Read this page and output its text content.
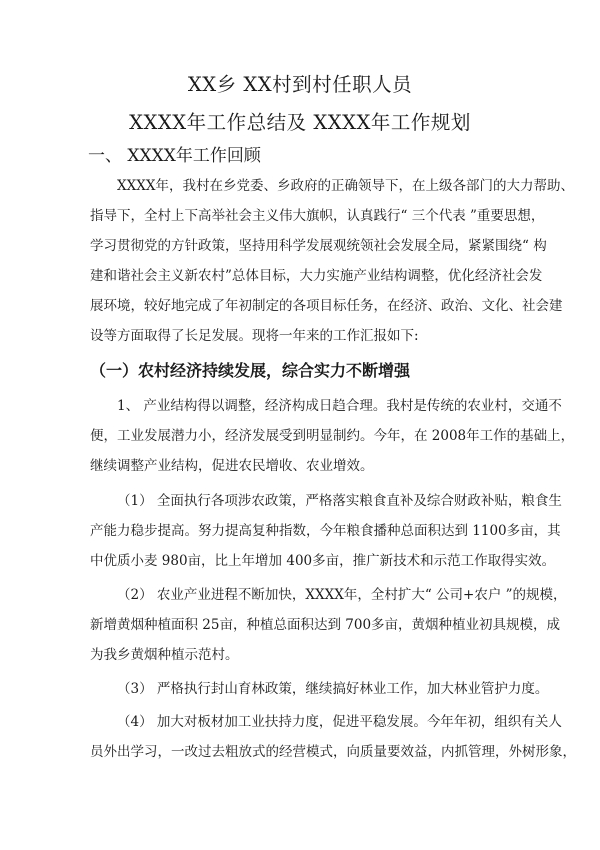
XX乡 XX村到村任职人员
XXXX年工作总结及 XXXX年工作规划
一、 XXXX年工作回顾
XXXX年，我村在乡党委、乡政府的正确领导下，在上级各部门的大力帮助、
指导下，全村上下高举社会主义伟大旗帜，认真践行“ 三个代表 ”重要思想，
学习贯彻党的方针政策，坚持用科学发展观统领社会发展全局，紧紧围绕“ 构
建和谐社会主义新农村”总体目标，大力实施产业结构调整，优化经济社会发
展环境，较好地完成了年初制定的各项目标任务，在经济、政治、文化、社会建
设等方面取得了长足发展。现将一年来的工作汇报如下:
（一）农村经济持续发展，综合实力不断增强
1、 产业结构得以调整，经济构成日趋合理。我村是传统的农业村，交通不
便，工业发展潜力小，经济发展受到明显制约。今年，在 2008年工作的基础上，
继续调整产业结构，促进农民增收、农业增效。
（1） 全面执行各项涉农政策，严格落实粮食直补及综合财政补贴，粮食生
产能力稳步提高。努力提高复种指数，今年粮食播种总面积达到 1100多亩，其
中优质小麦 980亩，比上年增加 400多亩，推广新技术和示范工作取得实效。
（2） 农业产业进程不断加快，XXXX年，全村扩大“ 公司+农户 ”的规模，
新增黄烟种植面积 25亩，种植总面积达到 700多亩，黄烟种植业初具规模，成
为我乡黄烟种植示范村。
（3） 严格执行封山育林政策，继续搞好林业工作，加大林业管护力度。
（4） 加大对板材加工业扶持力度，促进平稳发展。今年年初，组织有关人
员外出学习，一改过去粗放式的经营模式，向质量要效益，内抓管理，外树形象，
